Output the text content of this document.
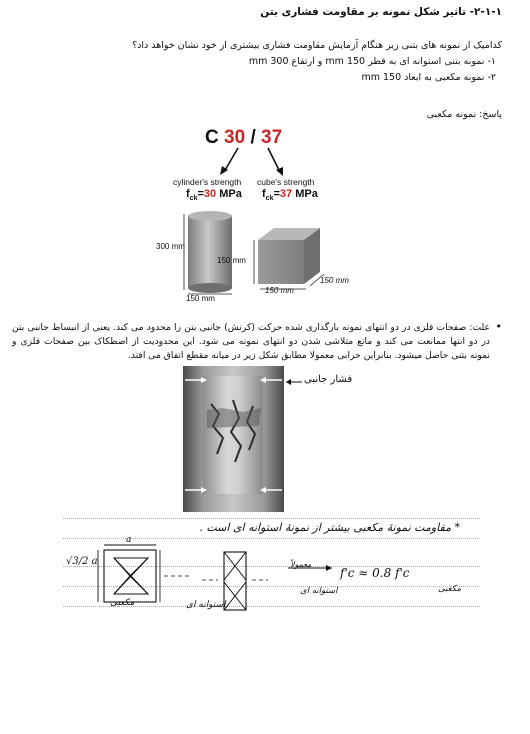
۲-۱-۱- تاثیر شکل نمونه بر مقاومت فشاری بتن
کدامیک از نمونه های بتنی زیر هنگام آزمایش مقاومت فشاری بیشتری از خود نشان خواهد داد؟
۱- نمونه بتنی استوانه ای به قطر 150 mm و ارتفاع 300 mm
۲- نمونه مکعبی به ابعاد 150 mm
پاسخ: نمونه مکعبی
C 30 / 37
cylinder's strength cube's strength
$f_{ck}=30$ MPa $f_{ck}=37$ MPa
300 mm
150 mm
150 mm
150 mm
150 mm
•
علت: صفحات فلزی در دو انتهای نمونه بارگذاری شده حرکت (کرنش) جانبی بتن را محدود می کند. یعنی از انبساط جانبی بتن در دو انتها ممانعت می کند و مانع متلاشی شدن دو انتهای نمونه می شود. این محدودیت از اصطکاک بین صفحات فلزی و نمونه بتنی حاصل میشود. بنابراین خرابی معمولا مطابق شکل زیر در میانه مقطع اتفاق می افتد.
فشار جانبی
* مقاومت نمونۀ مکعبی بیشتر از نمونۀ استوانه ای است .
√3/2 a
a
مکعبی	استوانه ای
معمولاً
f'c ≈ 0.8 f'c
استوانه ای	مکعبی
